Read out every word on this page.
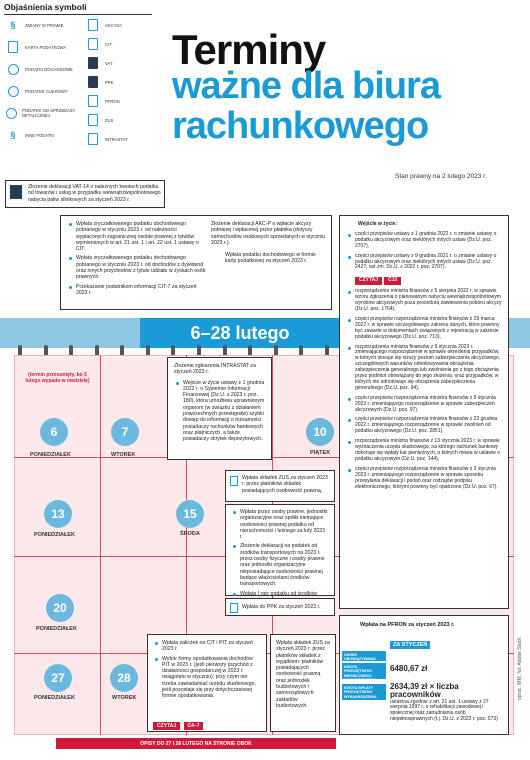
Objaśnienia symboli
§	ZMIANY W PRAWIE
KARTA PODATKOWA
PODATKI DOCHODOWE
PODATEK CUKROWY
PODATEK OD SPRZEDAŻY DETALICZNEJ
§	INNE PODATKI
AKCYZA
CIT
VAT
PPK
PFRON
ZUS
INTRASTAT
Terminy
ważne dla biura
rachunkowego
Stan prawny na 2 lutego 2023 r.
Złożenie deklaracji VAT-14 o należnych kwotach podatku od towarów i usług w przypadku wewnątrzwspólnotowego nabycia paliw silnikowych za styczeń 2023 r.

Wpłata zryczałtowanego podatku dochodowego pobranego w styczniu 2023 r. od należności wypłaconych zagranicznej osobie prawnej z tytułów wymienionych w art. 21 ust. 1 i art. 22 ust. 1 ustawy o CIT.

Wpłata zryczałtowanego podatku dochodowego pobranego w styczniu 2023 r. od dochodów z dywidend oraz innych przychodów z tytułu udziału w zyskach osób prawnych.

Przekazanie podatnikom informacji CIT-7 za styczeń 2023 r.

Złożenie deklaracji AKC-P o wpłacie akcyzy pobranej i wpłaconej przez płatnika (dotyczy samochodów osobowych sprzedanych w styczniu 2023 r.).

Wpłata podatku dochodowego w formie karty podatkowej za styczeń 2023 r.

6–28 lutego
(termin przesunięty, bo 5 lutego wypada w niedzielę)
6
PONIEDZIAŁEK
7
WTOREK
10
PIĄTEK
13
PONIEDZIAŁEK
15
ŚRODA
20
PONIEDZIAŁEK
27
PONIEDZIAŁEK
28
WTOREK

Złożenie zgłoszenia INTRASTAT za styczeń 2023 r.

Wejście w życie ustawy z 1 grudnia 2022 r. o Systemie Informacji Finansowej (Dz.U. z 2023 r. poz. 180), która umożliwia uprawnionym organom (w związku z działaniem powszechnych przestępstw) szybki dostęp do informacji o tożsamości posiadaczy rachunków bankowych oraz płatniczych, a także posiadaczy skrytek depozytowych.

Wpłata składek ZUS za styczeń 2023 r. przez płatników składek posiadających osobowość prawną.

Wpłata przez osoby prawne, jednostki organizacyjne oraz spółki niemające osobowości prawnej podatku od nieruchomości i leśnego za luty 2023 r.

Złożenie deklaracji na podatek od środków transportowych na 2023 r. przez osoby fizyczne i osoby prawne oraz jednostki organizacyjne nieposiadające osobowości prawnej będące właścicielami środków transportowych.

Wpłata I raty podatku od środków

Wpłata do PPK za styczeń 2023 r.

Wpłata zaliczek na CIT i PIT za styczeń 2023 r.

Wybór formy opodatkowania dochodów PIT w 2023 r. (jeśli pierwszy przychód z działalności gospodarczej w 2023 r. osiągnięto w styczniu); przy czym nie trzeba zawiadamiać urzędu skarbowego, jeśli pozostaje się przy dotychczasowej formie opodatkowania.

CZYTAJ C4–7

Wpłata składek ZUS za styczeń 2023 r. przez płatników składek z wyjątkiem: płatników posiadających osobowość prawną oraz jednostek budżetowych i samorządowych zakładów budżetowych.

Wejście w życie:

części przepisów ustawy z 1 grudnia 2022 r. o zmianie ustawy o podatku akcyzowym oraz niektórych innych ustaw (Dz.U. poz. 2707),

części przepisów ustawy z 9 grudnia 2021 r. o zmianie ustawy o podatku akcyzowym oraz niektórych innych ustaw (Dz.U. poz. 2427; ost.zm. Dz.U. z 2022 r. poz. 2707).

CZYTAJ C12

rozporządzenia ministra finansów z 5 sierpnia 2022 r. w sprawie wzoru zgłoszenia o planowanym nabyciu wewnątrzwspólnotowym wyrobów akcyzowych poza procedurą zawieszenia poboru akcyzy (Dz.U. poz. 1764),

części przepisów rozporządzenia ministra finansów z 29 marca 2022 r. w sprawie szczegółowego zakresu danych, które powinny być zawarte w dokumentach związanych z rejestracją w zakresie podatku akcyzowego (Dz.U. poz. 713),

rozporządzenia ministra finansów z 9 stycznia 2023 r. zmieniającego rozporządzenie w sprawie określenia przypadków, w których stosuje się niższy poziom zabezpieczenia akcyzowego, szczegółowych warunków odnotowywania obciążenia zabezpieczenia generalnego lub zwolnienia go z tego obciążenia przez podmiot obowiązany do jego złożenia, oraz przypadków, w których nie odnotowuje się obciążenia zabezpieczenia generalnego (Dz.U. poz. 94),

części przepisów rozporządzenia ministra finansów z 9 stycznia 2023 r. zmieniającego rozporządzenie w sprawie zabezpieczeń akcyzowych (Dz.U. poz. 97),

części przepisów rozporządzenia ministra finansów z 22 grudnia 2022 r. zmieniającego rozporządzenie w sprawie zwolnień od podatku akcyzowego (Dz.U. poz. 2851),

rozporządzenia ministra finansów z 13 stycznia 2023 r. w sprawie wyznaczenia urzędu skarbowego, na którego rachunek bankowy dokonuje się wpłaty kar pieniężnych, o których mowa w ustawie o podatku akcyzowym (Dz.U. poz. 144),

części przepisów rozporządzenia ministra finansów z 3 stycznia 2023 r. zmieniającego rozporządzenie w sprawie sposobu przesyłania deklaracji i podań oraz rodzajów podpisu elektronicznego, którymi powinny być opatrzone (Dz.U. poz. 67).

Wpłata na PFRON za styczeń 2023 r.
ZA STYCZEŃ
OKRES OBOWIĄZYWANIA
KWOTA PRZECIĘTNEGO MIESIĘCZNEGO WYNAGRODZENIA
6480,67 zł
KWOTA WPŁATY PRZECIĘTNEGO WYNAGRODZENIA
2634,39 zł × liczba pracowników
ustalona zgodnie z art. 21 ust. 1 ustawy z 27 sierpnia 1997 r. o rehabilitacji zawodowej i społecznej oraz zatrudnianiu osób niepełnosprawnych (t.j. Dz.U. z 2022 r. poz. 573)
oprac. MM, fot. Adobe Stock
OPISY DO 27 I 28 LUTEGO NA STRONIE OBOK
